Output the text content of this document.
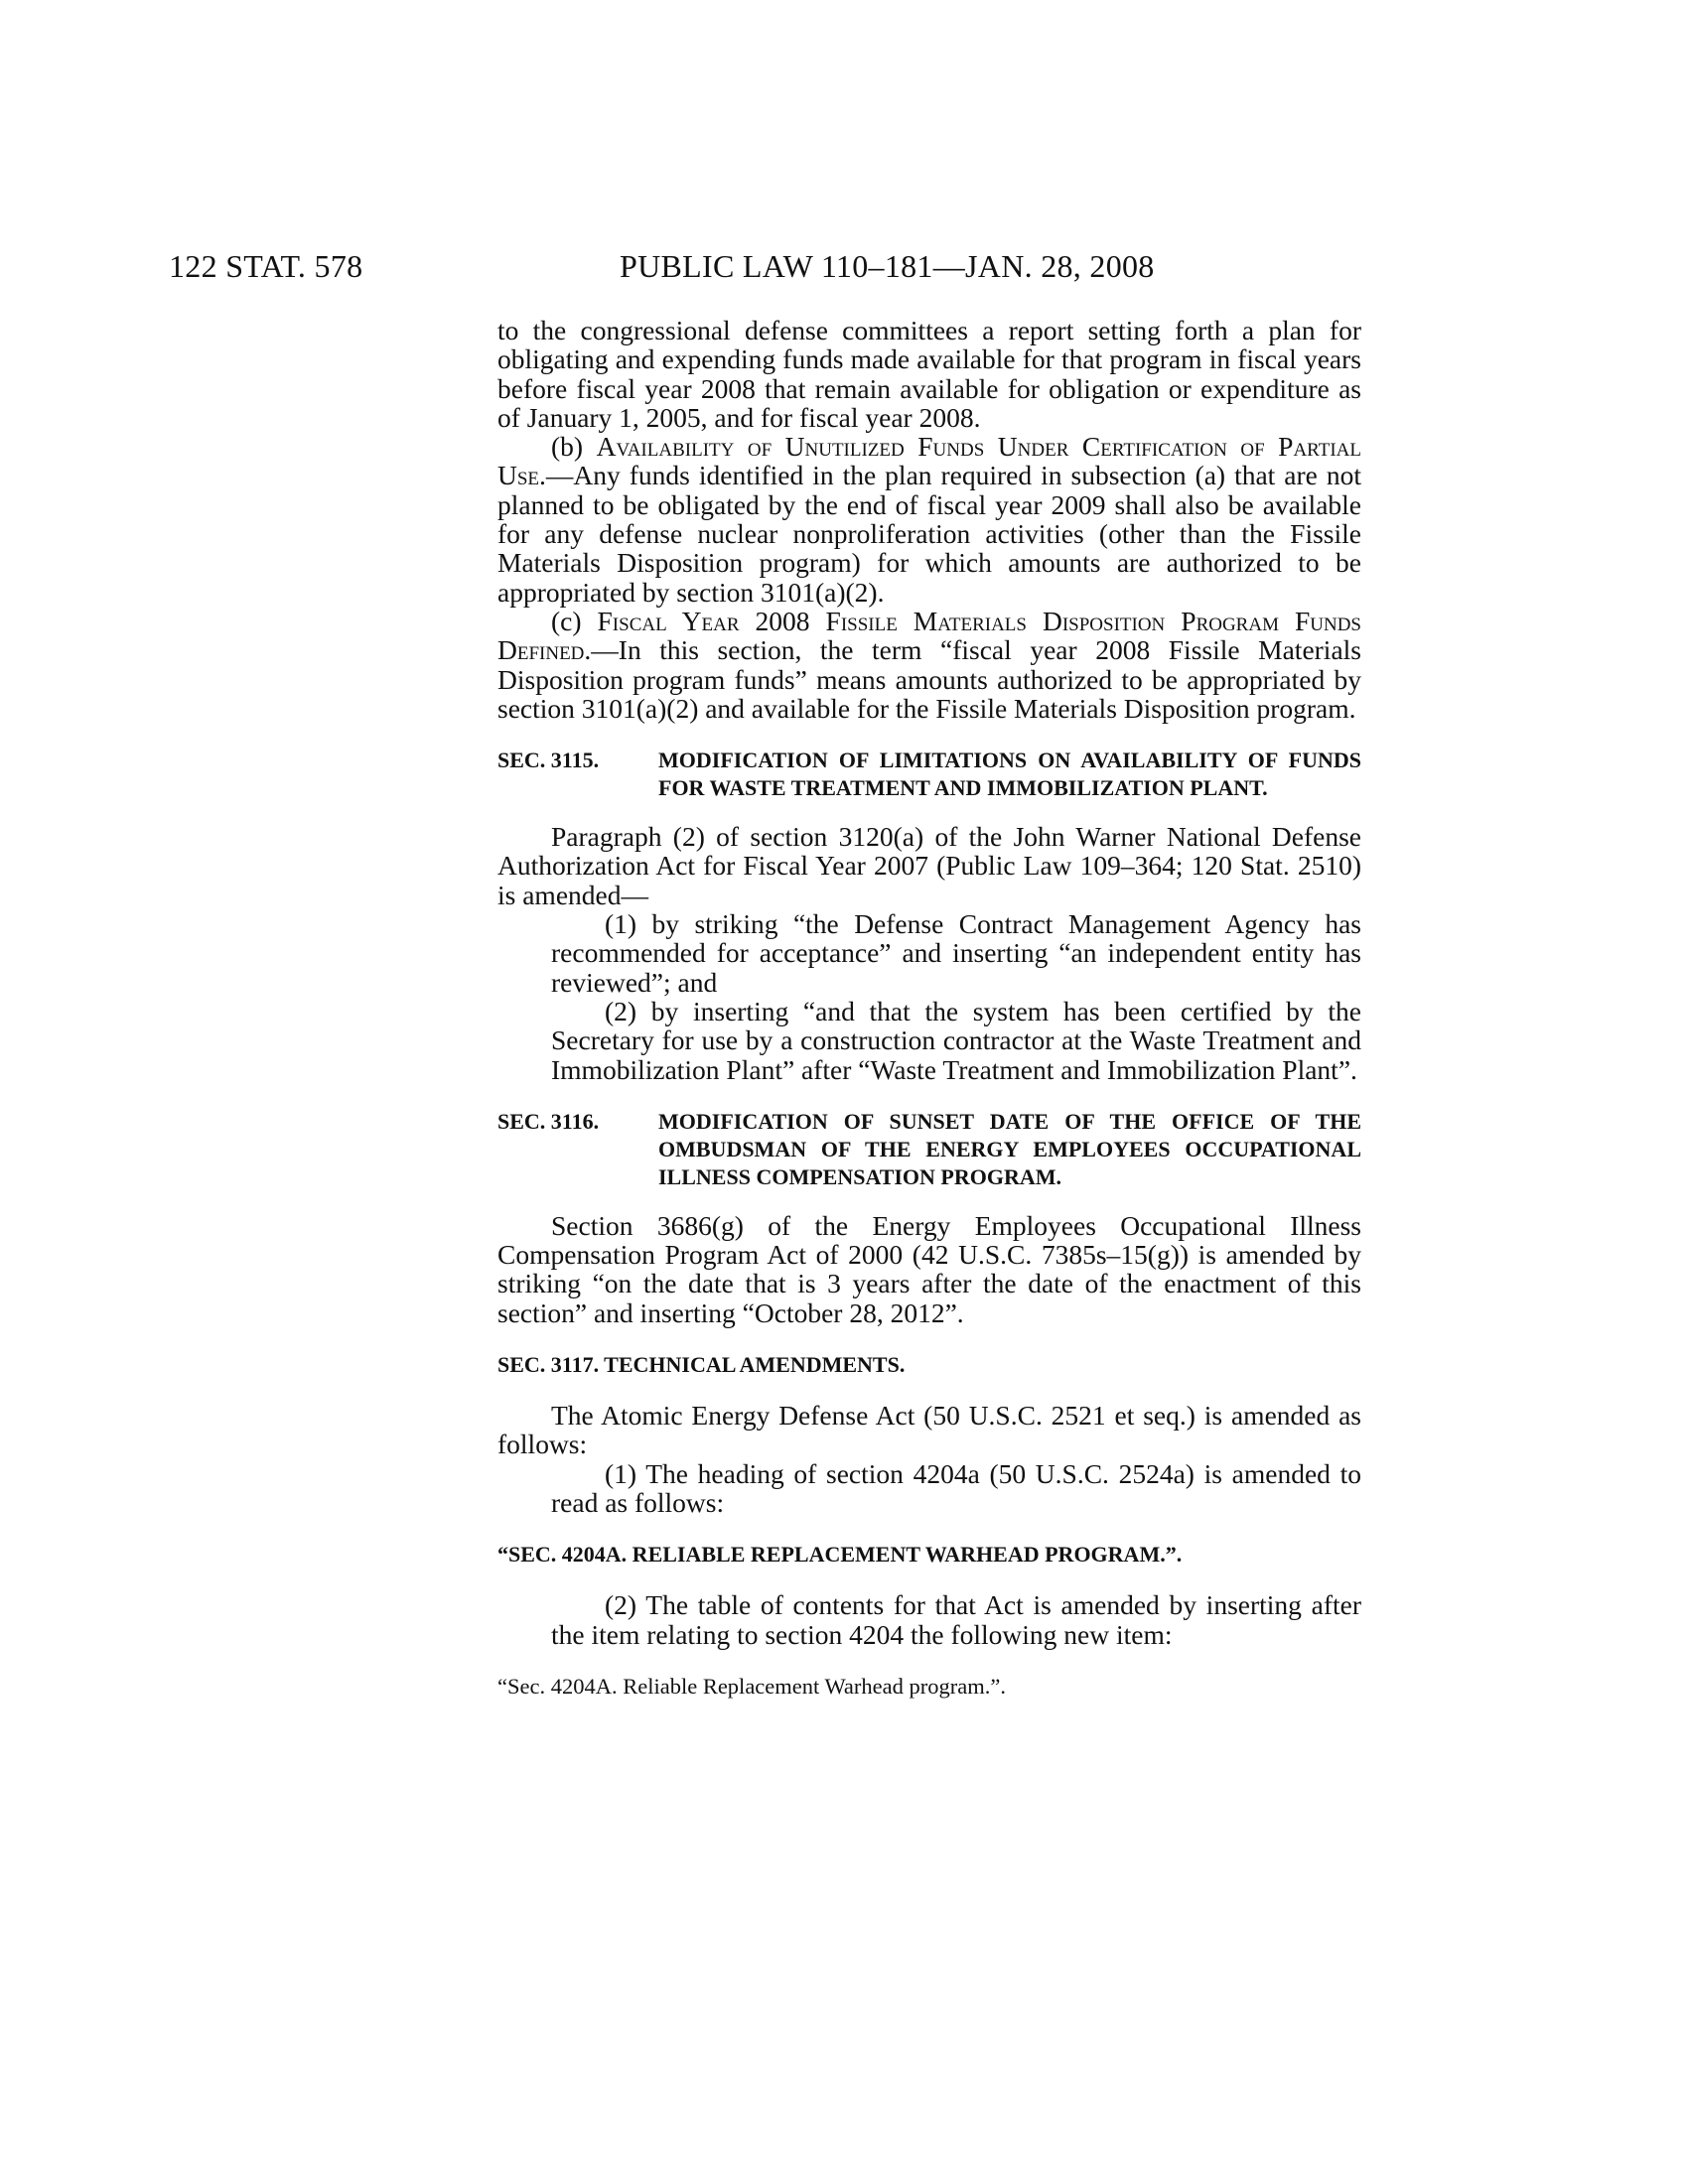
122 STAT. 578	PUBLIC LAW 110–181—JAN. 28, 2008

to the congressional defense committees a report setting forth a plan for obligating and expending funds made available for that program in fiscal years before fiscal year 2008 that remain available for obligation or expenditure as of January 1, 2005, and for fiscal year 2008.

(b) Availability of Unutilized Funds Under Certification of Partial Use.—Any funds identified in the plan required in subsection (a) that are not planned to be obligated by the end of fiscal year 2009 shall also be available for any defense nuclear nonproliferation activities (other than the Fissile Materials Disposition program) for which amounts are authorized to be appropriated by section 3101(a)(2).

(c) Fiscal Year 2008 Fissile Materials Disposition Program Funds Defined.—In this section, the term “fiscal year 2008 Fissile Materials Disposition program funds” means amounts authorized to be appropriated by section 3101(a)(2) and available for the Fissile Materials Disposition program.

SEC. 3115.	MODIFICATION OF LIMITATIONS ON AVAILABILITY OF FUNDS FOR WASTE TREATMENT AND IMMOBILIZATION PLANT.

Paragraph (2) of section 3120(a) of the John Warner National Defense Authorization Act for Fiscal Year 2007 (Public Law 109–364; 120 Stat. 2510) is amended—

(1) by striking “the Defense Contract Management Agency has recommended for acceptance” and inserting “an independent entity has reviewed”; and

(2) by inserting “and that the system has been certified by the Secretary for use by a construction contractor at the Waste Treatment and Immobilization Plant” after “Waste Treatment and Immobilization Plant”.

SEC. 3116.	MODIFICATION OF SUNSET DATE OF THE OFFICE OF THE OMBUDSMAN OF THE ENERGY EMPLOYEES OCCUPATIONAL ILLNESS COMPENSATION PROGRAM.

Section 3686(g) of the Energy Employees Occupational Illness Compensation Program Act of 2000 (42 U.S.C. 7385s–15(g)) is amended by striking “on the date that is 3 years after the date of the enactment of this section” and inserting “October 28, 2012”.

SEC. 3117. TECHNICAL AMENDMENTS.

The Atomic Energy Defense Act (50 U.S.C. 2521 et seq.) is amended as follows:

(1) The heading of section 4204a (50 U.S.C. 2524a) is amended to read as follows:

“SEC. 4204A. RELIABLE REPLACEMENT WARHEAD PROGRAM.”.

(2) The table of contents for that Act is amended by inserting after the item relating to section 4204 the following new item:

“Sec. 4204A. Reliable Replacement Warhead program.”.
